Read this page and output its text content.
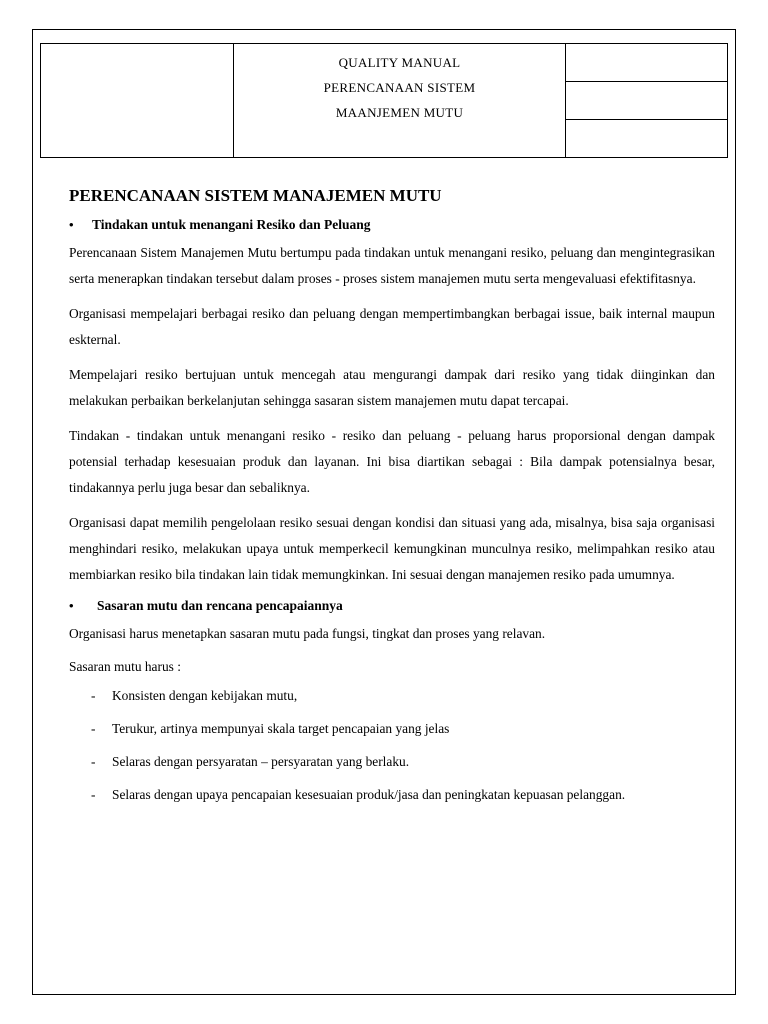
QUALITY MANUAL
PERENCANAAN SISTEM
MAANJEMEN MUTU

PERENCANAAN SISTEM MANAJEMEN MUTU
•	Tindakan untuk menangani Resiko dan Peluang

Perencanaan Sistem Manajemen Mutu bertumpu pada tindakan untuk menangani resiko, peluang dan mengintegrasikan serta menerapkan tindakan tersebut dalam proses - proses sistem manajemen mutu serta mengevaluasi efektifitasnya.

Organisasi mempelajari berbagai resiko dan peluang dengan mempertimbangkan berbagai issue, baik internal maupun eskternal.

Mempelajari resiko bertujuan untuk mencegah atau mengurangi dampak dari resiko yang tidak diinginkan dan melakukan perbaikan berkelanjutan sehingga sasaran sistem manajemen mutu dapat tercapai.

Tindakan - tindakan untuk menangani resiko - resiko dan peluang - peluang harus proporsional dengan dampak potensial terhadap kesesuaian produk dan layanan. Ini bisa diartikan sebagai : Bila dampak potensialnya besar, tindakannya perlu juga besar dan sebaliknya.

Organisasi dapat memilih pengelolaan resiko sesuai dengan kondisi dan situasi yang ada, misalnya, bisa saja organisasi menghindari resiko, melakukan upaya untuk memperkecil kemungkinan munculnya resiko, melimpahkan resiko atau membiarkan resiko bila tindakan lain tidak memungkinkan. Ini sesuai dengan manajemen resiko pada umumnya.

•	Sasaran mutu dan rencana pencapaiannya

Organisasi harus menetapkan sasaran mutu pada fungsi, tingkat dan proses yang relavan.

Sasaran mutu harus :

-	Konsisten dengan kebijakan mutu,
-	Terukur, artinya mempunyai skala target pencapaian yang jelas
-	Selaras dengan persyaratan – persyaratan yang berlaku.
-	Selaras dengan upaya pencapaian kesesuaian produk/jasa dan peningkatan kepuasan pelanggan.
